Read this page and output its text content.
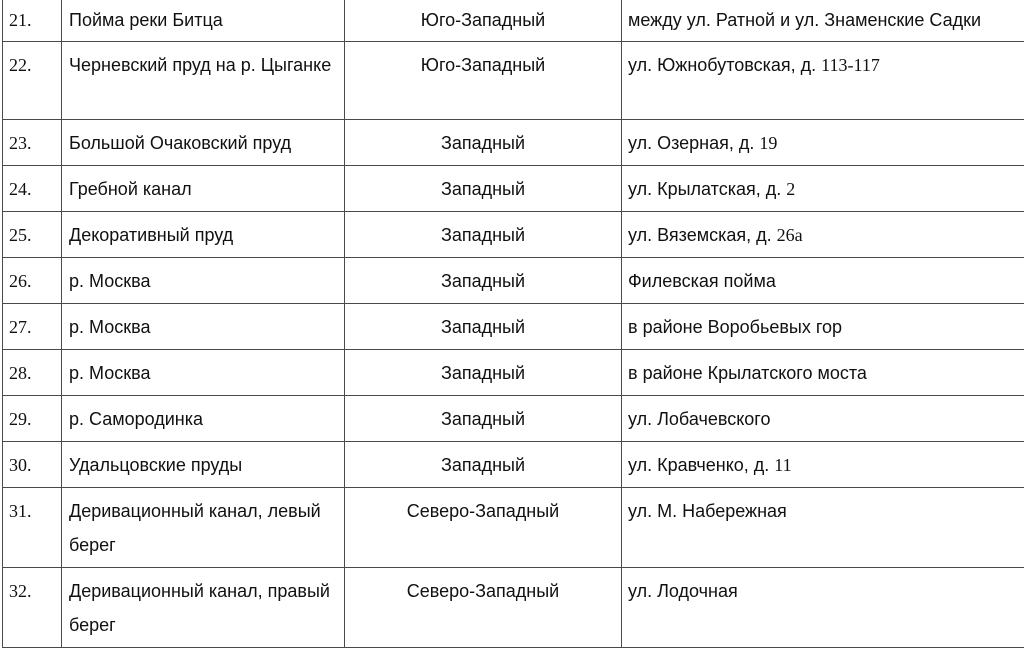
21.	Пойма реки Битца	Юго-Западный	между ул. Ратной и ул. Знаменские Садки
22.	Черневский пруд на р. Цыганке	Юго-Западный	ул. Южнобутовская, д. 113-117
23.	Большой Очаковский пруд	Западный	ул. Озерная, д. 19
24.	Гребной канал	Западный	ул. Крылатская, д. 2
25.	Декоративный пруд	Западный	ул. Вяземская, д. 26а
26.	р. Москва	Западный	Филевская пойма
27.	р. Москва	Западный	в районе Воробьевых гор
28.	р. Москва	Западный	в районе Крылатского моста
29.	р. Самородинка	Западный	ул. Лобачевского
30.	Удальцовские пруды	Западный	ул. Кравченко, д. 11
31.	Деривационный канал, левый берег	Северо-Западный	ул. М. Набережная
32.	Деривационный канал, правый берег	Северо-Западный	ул. Лодочная
